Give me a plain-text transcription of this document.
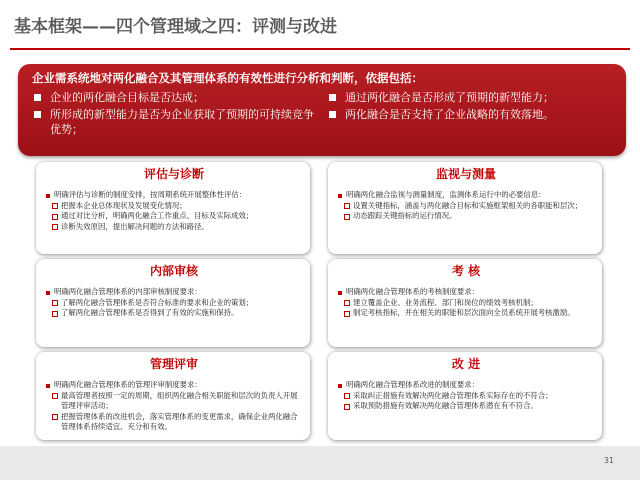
基本框架——四个管理域之四：评测与改进
企业需系统地对两化融合及其管理体系的有效性进行分析和判断，依据包括：
企业的两化融合目标是否达成；
所形成的新型能力是否为企业获取了预期的可持续竞争优势；
通过两化融合是否形成了预期的新型能力；
两化融合是否支持了企业战略的有效落地。
评估与诊断
明确评估与诊断的制度安排，按周期系统开展整体性评估：
把握本企业总体现状及发展变化情况；
通过对比分析，明确两化融合工作重点、目标及实际成效；
诊断失效原因，提出解决问题的方法和路径。
监视与测量
明确两化融合监视与测量制度，监测体系运行中的必要信息：
设置关键指标，涵盖与两化融合目标和实施框架相关的各职能和层次；
动态跟踪关键指标的运行情况。
内部审核
明确两化融合管理体系的内部审核制度要求：
了解两化融合管理体系是否符合标准的要求和企业的策划；
了解两化融合管理体系是否得到了有效的实施和保持。
考 核
明确两化融合管理体系的考核制度要求：
建立覆盖企业、业务流程、部门和岗位的绩效考核机制；
制定考核指标，并在相关的职能和层次面向全员系统开展考核激励。
管理评审
明确两化融合管理体系的管理评审制度要求：
最高管理者按照一定的周期，组织两化融合相关职能和层次的负责人开展管理评审活动；
把握管理体系的改进机会，落实管理体系的变更需求，确保企业两化融合管理体系持续适宜、充分和有效。
改 进
明确两化融合管理体系改进的制度要求：
采取纠正措施有效解决两化融合管理体系实际存在的不符合；
采取预防措施有效解决两化融合管理体系潜在有不符合。
31
